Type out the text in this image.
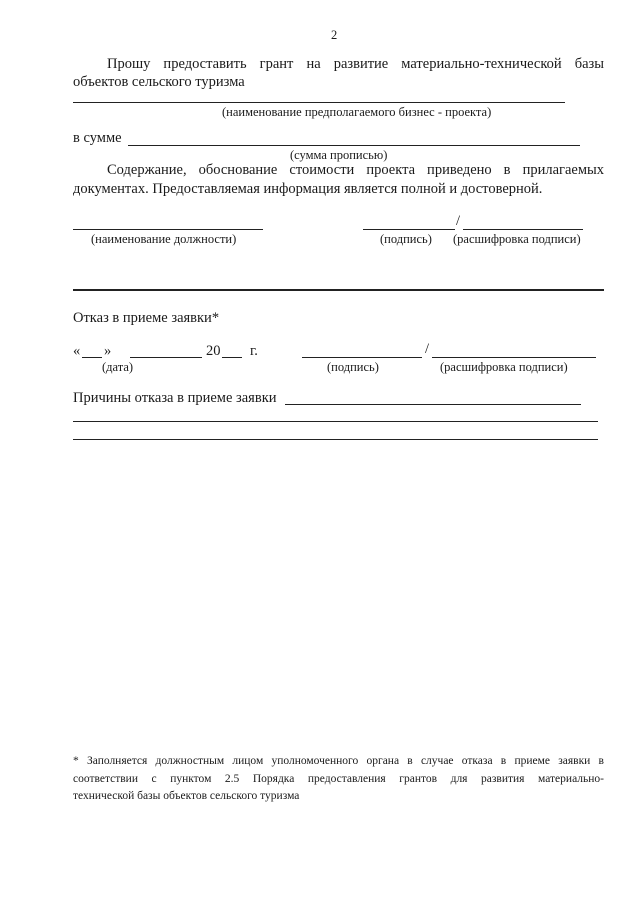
2
Прошу предоставить грант на развитие материально-технической базы
объектов сельского туризма
(наименование предполагаемого бизнес - проекта)
в сумме
(сумма прописью)
Содержание, обоснование стоимости проекта приведено в прилагаемых
документах. Предоставляемая информация является полной и достоверной.
(наименование должности)
/
(подпись) (расшифровка подписи)
Отказ в приеме заявки*
« »	20 г.
(дата)
/
(подпись)	(расшифровка подписи)
Причины отказа в приеме заявки
* Заполняется должностным лицом уполномоченного органа в случае отказа в приеме заявки в
соответствии с пунктом 2.5 Порядка предоставления грантов для развития материально-
технической базы объектов сельского туризма
